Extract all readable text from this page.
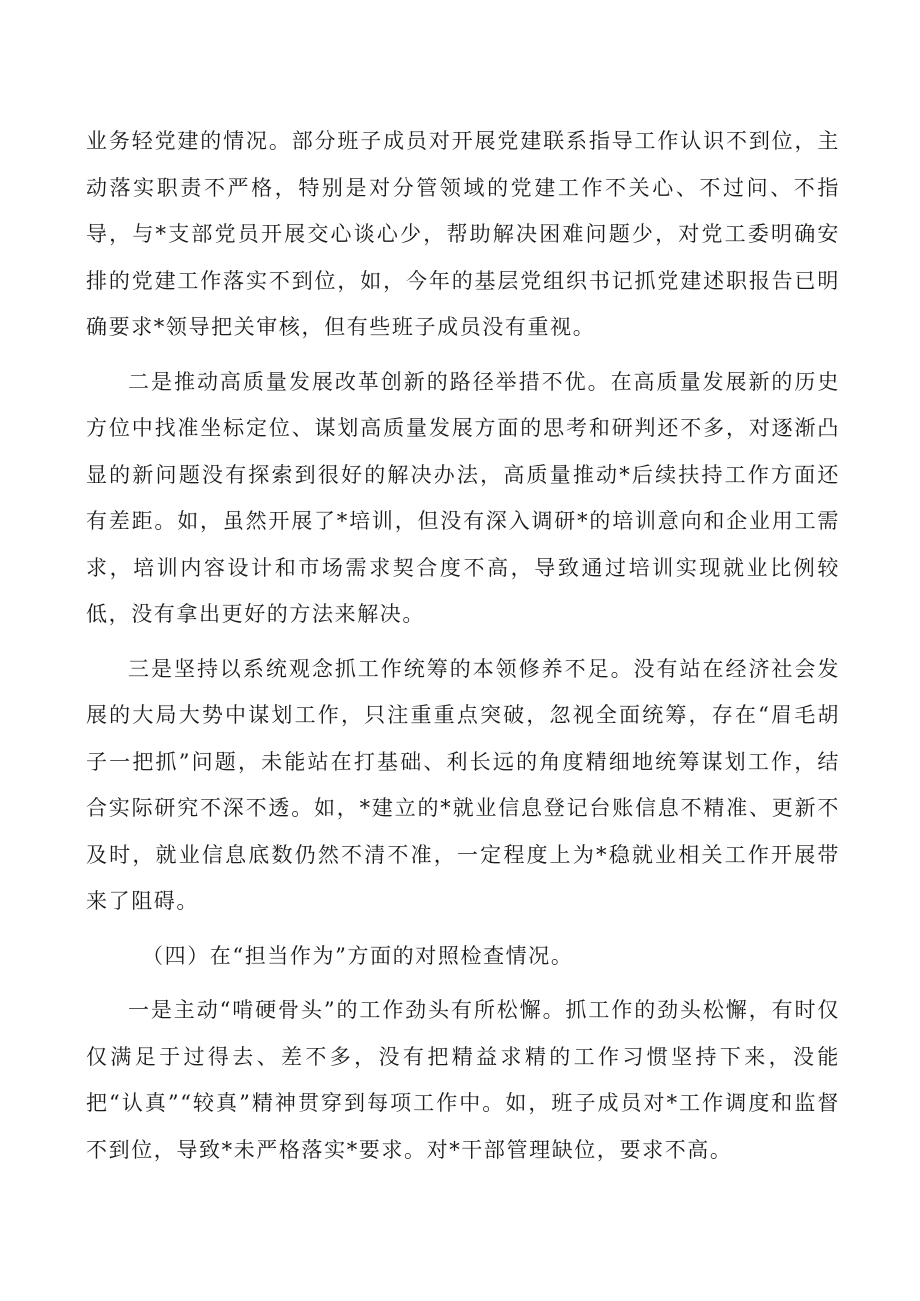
业务轻党建的情况。部分班子成员对开展党建联系指导工作认识不到位，主动落实职责不严格，特别是对分管领域的党建工作不关心、不过问、不指导，与*支部党员开展交心谈心少，帮助解决困难问题少，对党工委明确安排的党建工作落实不到位，如，今年的基层党组织书记抓党建述职报告已明确要求*领导把关审核，但有些班子成员没有重视。

二是推动高质量发展改革创新的路径举措不优。在高质量发展新的历史方位中找准坐标定位、谋划高质量发展方面的思考和研判还不多，对逐渐凸显的新问题没有探索到很好的解决办法，高质量推动*后续扶持工作方面还有差距。如，虽然开展了*培训，但没有深入调研*的培训意向和企业用工需求，培训内容设计和市场需求契合度不高，导致通过培训实现就业比例较低，没有拿出更好的方法来解决。

三是坚持以系统观念抓工作统筹的本领修养不足。没有站在经济社会发展的大局大势中谋划工作，只注重重点突破，忽视全面统筹，存在“眉毛胡子一把抓”问题，未能站在打基础、利长远的角度精细地统筹谋划工作，结合实际研究不深不透。如，*建立的*就业信息登记台账信息不精准、更新不及时，就业信息底数仍然不清不准，一定程度上为*稳就业相关工作开展带来了阻碍。

（四）在“担当作为”方面的对照检查情况。

一是主动“啃硬骨头”的工作劲头有所松懈。抓工作的劲头松懈，有时仅仅满足于过得去、差不多，没有把精益求精的工作习惯坚持下来，没能把“认真”“较真”精神贯穿到每项工作中。如，班子成员对*工作调度和监督不到位，导致*未严格落实*要求。对*干部管理缺位，要求不高。
